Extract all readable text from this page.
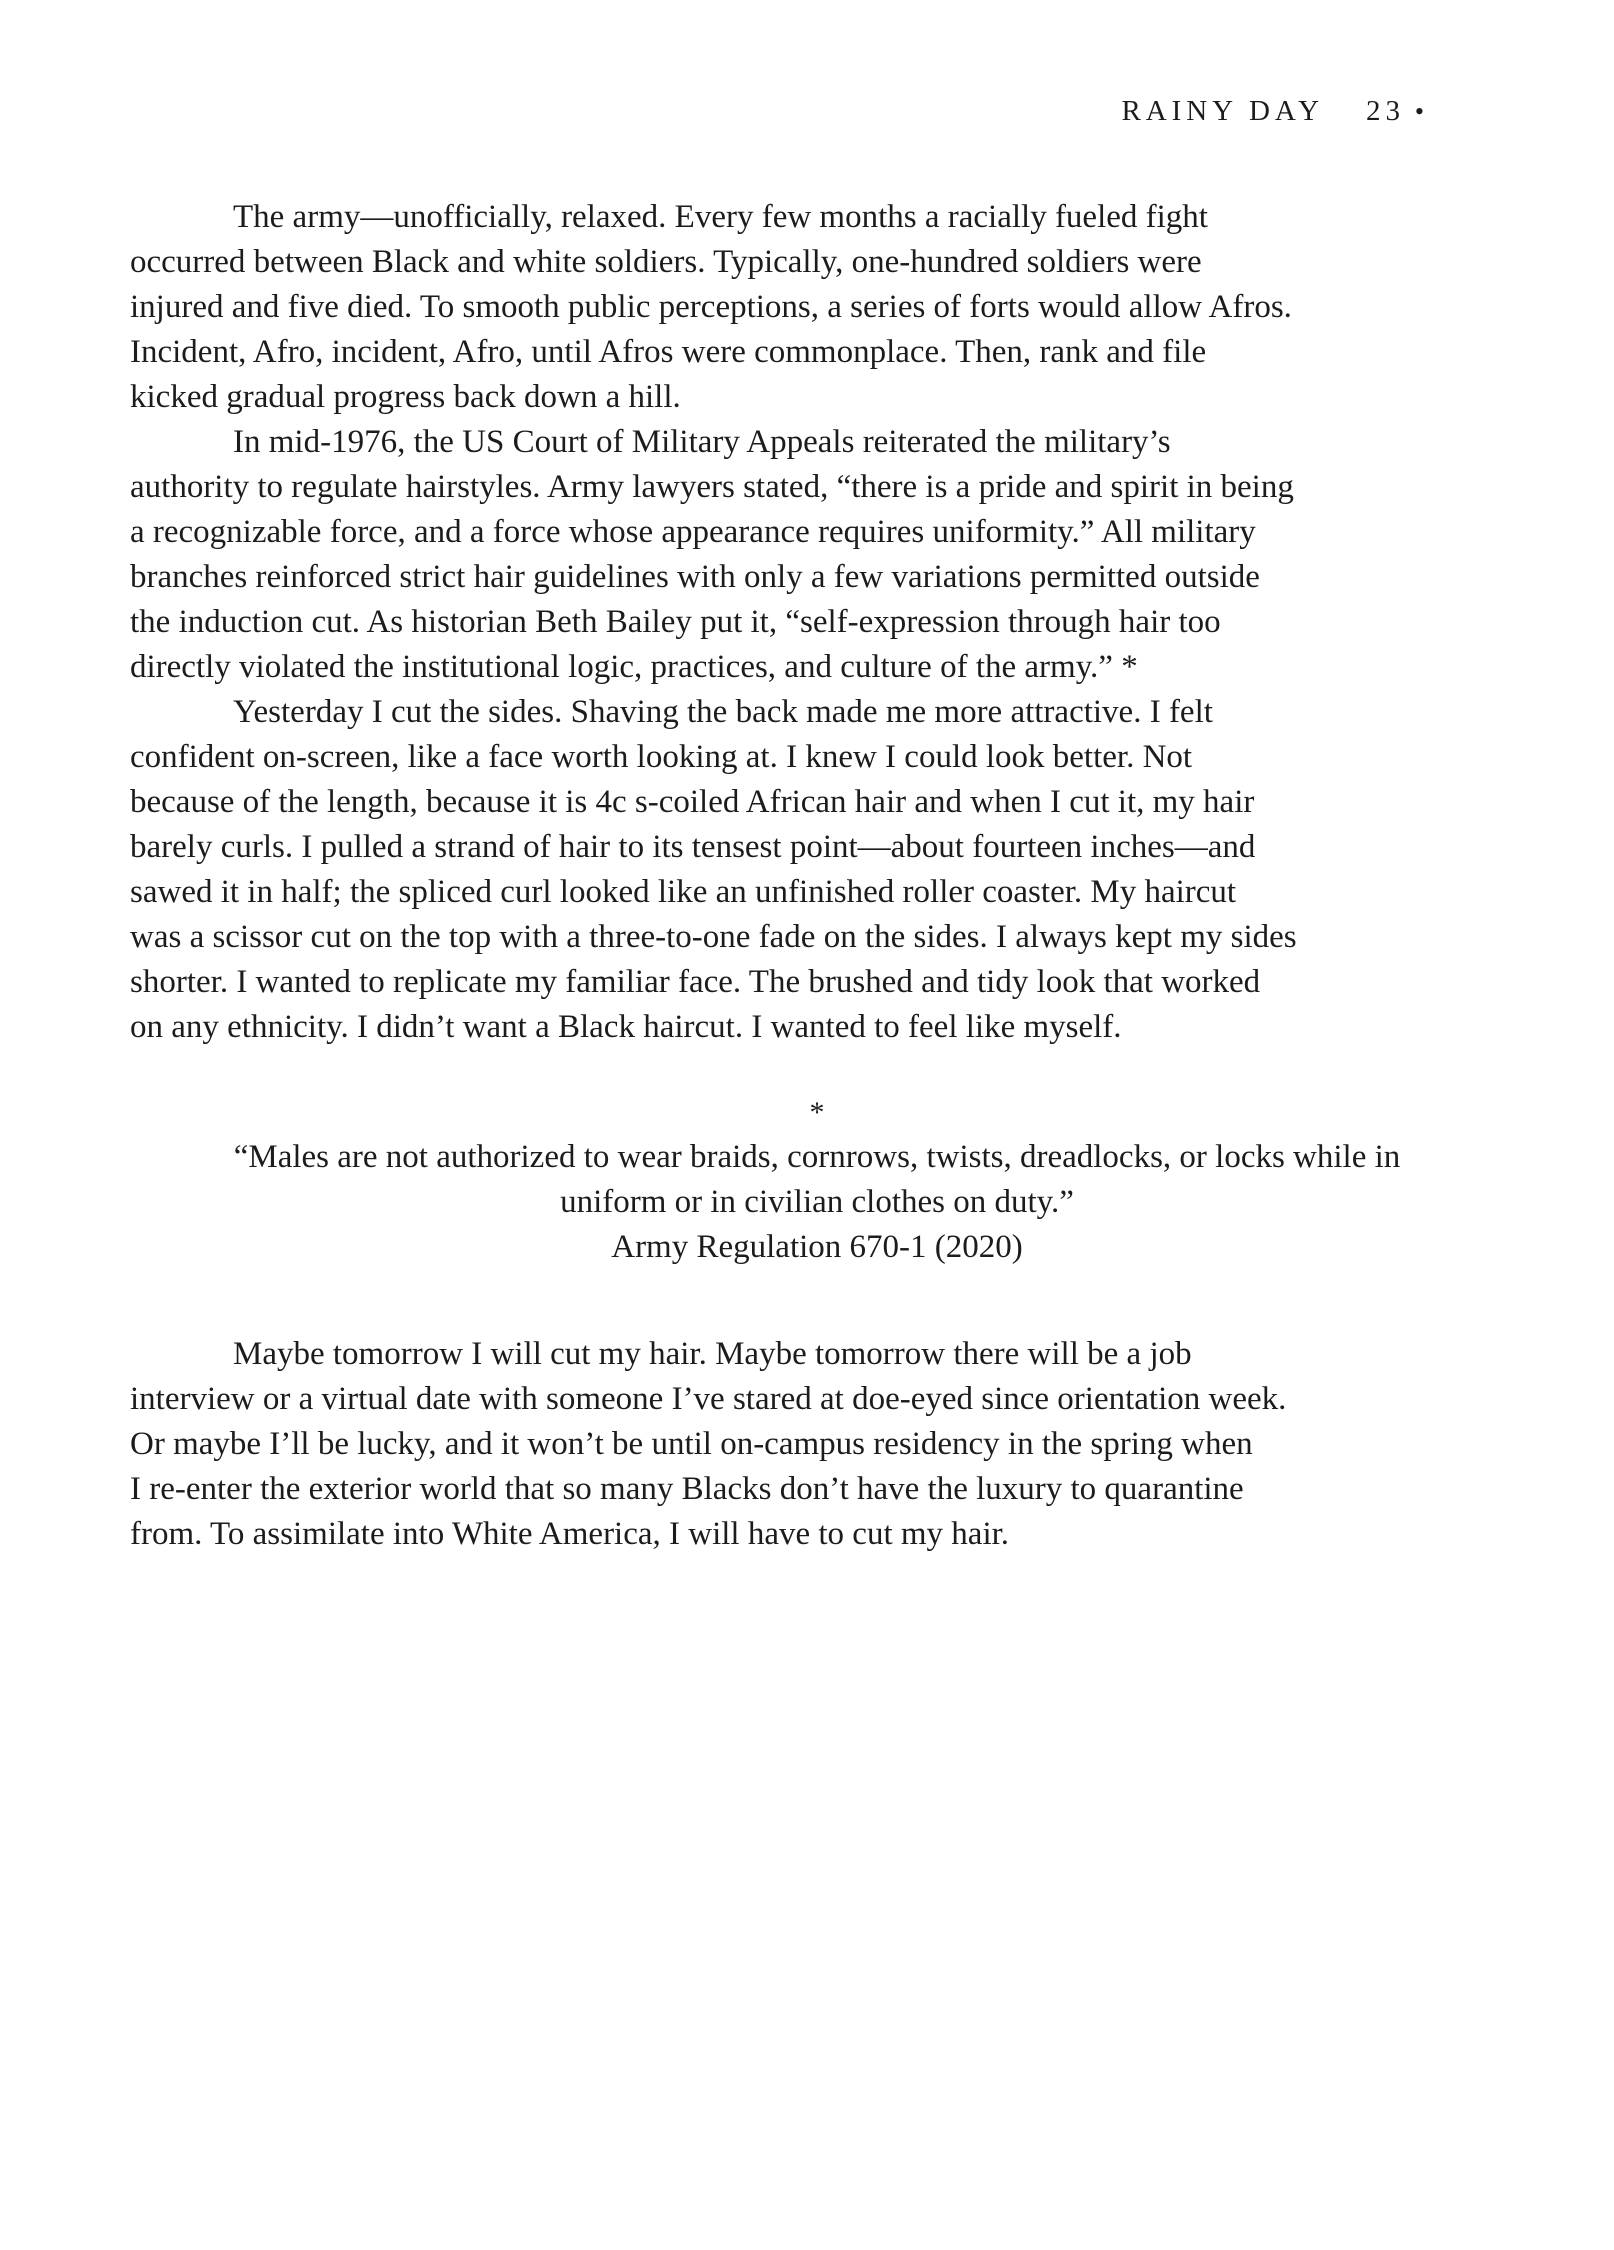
RAINY DAY 23 •
The army—unofficially, relaxed. Every few months a racially fueled fight
occurred between Black and white soldiers. Typically, one-hundred soldiers were
injured and five died. To smooth public perceptions, a series of forts would allow Afros.
Incident, Afro, incident, Afro, until Afros were commonplace. Then, rank and file
kicked gradual progress back down a hill.
In mid-1976, the US Court of Military Appeals reiterated the military’s
authority to regulate hairstyles. Army lawyers stated, “there is a pride and spirit in being
a recognizable force, and a force whose appearance requires uniformity.” All military
branches reinforced strict hair guidelines with only a few variations permitted outside
the induction cut. As historian Beth Bailey put it, “self-expression through hair too
directly violated the institutional logic, practices, and culture of the army.” *
Yesterday I cut the sides. Shaving the back made me more attractive. I felt
confident on-screen, like a face worth looking at. I knew I could look better. Not
because of the length, because it is 4c s-coiled African hair and when I cut it, my hair
barely curls. I pulled a strand of hair to its tensest point—about fourteen inches—and
sawed it in half; the spliced curl looked like an unfinished roller coaster. My haircut
was a scissor cut on the top with a three-to-one fade on the sides. I always kept my sides
shorter. I wanted to replicate my familiar face. The brushed and tidy look that worked
on any ethnicity. I didn’t want a Black haircut. I wanted to feel like myself.
*
“Males are not authorized to wear braids, cornrows, twists, dreadlocks, or locks while in
uniform or in civilian clothes on duty.”
Army Regulation 670-1 (2020)
Maybe tomorrow I will cut my hair. Maybe tomorrow there will be a job
interview or a virtual date with someone I’ve stared at doe-eyed since orientation week.
Or maybe I’ll be lucky, and it won’t be until on-campus residency in the spring when
I re-enter the exterior world that so many Blacks don’t have the luxury to quarantine
from. To assimilate into White America, I will have to cut my hair.
